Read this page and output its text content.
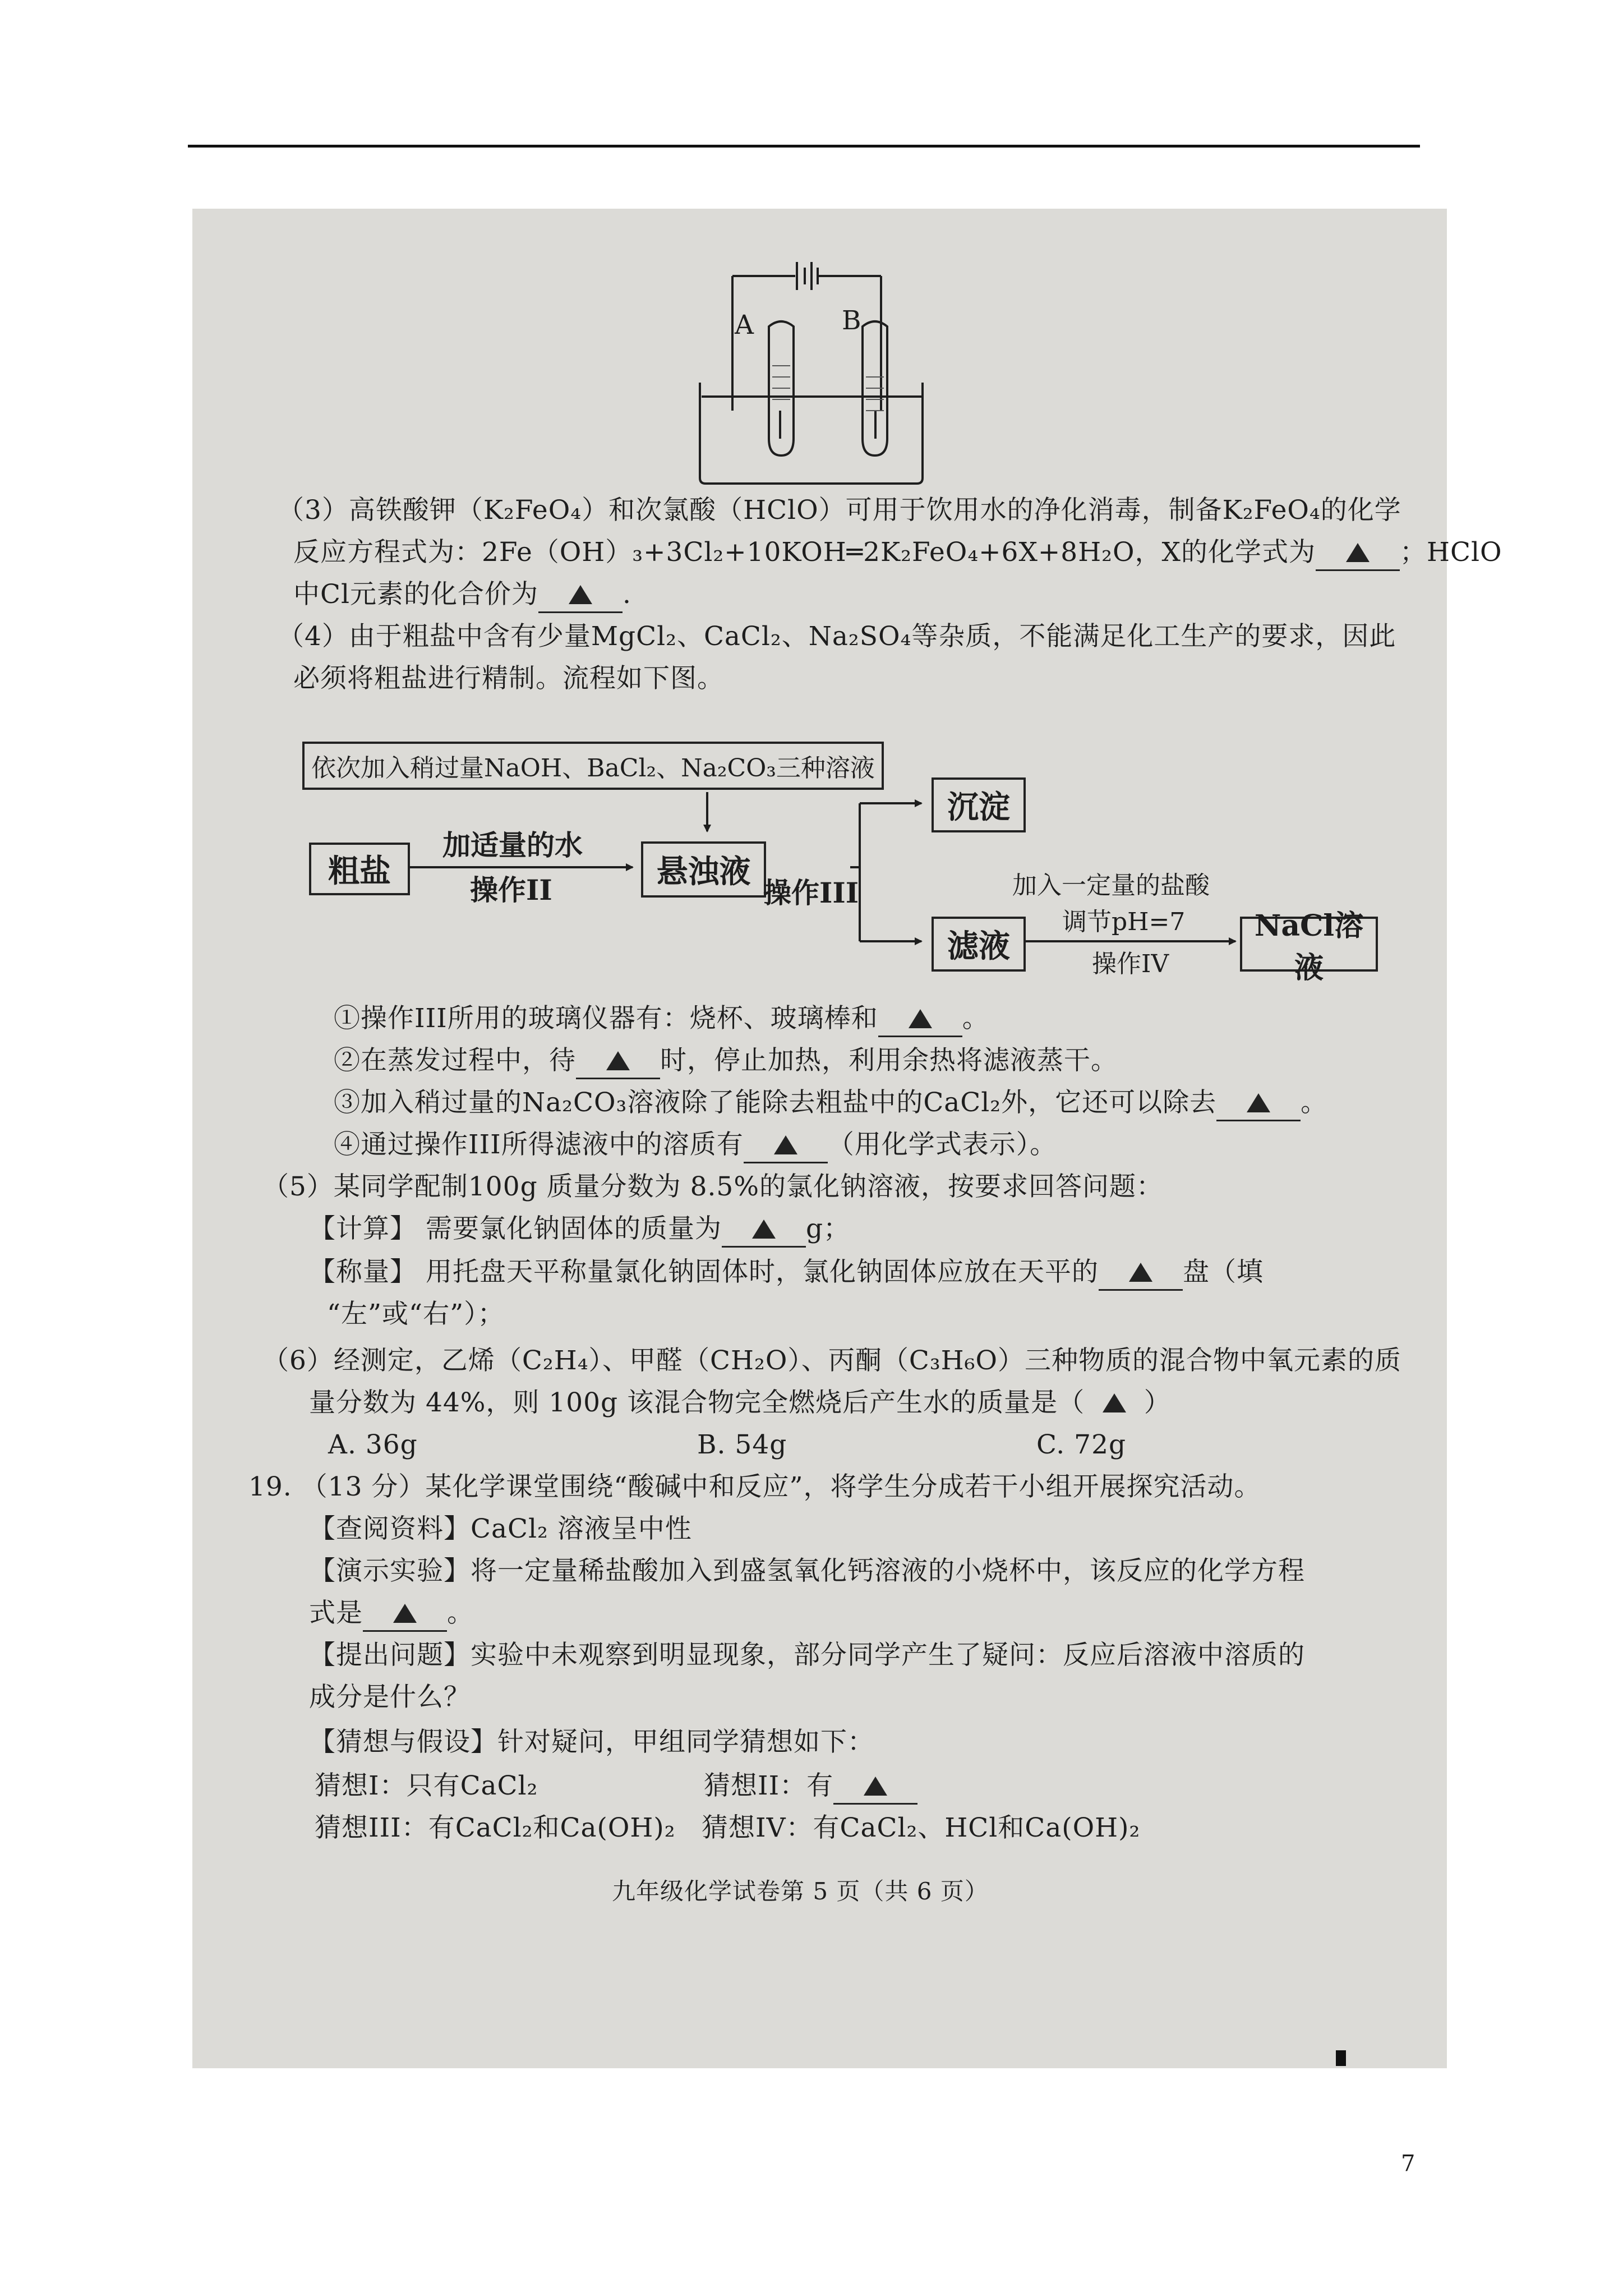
A	B
（3）高铁酸钾（K₂FeO₄）和次氯酸（HClO）可用于饮用水的净化消毒，制备K₂FeO₄的化学
反应方程式为：2Fe（OH）₃+3Cl₂+10KOH═2K₂FeO₄+6X+8H₂O，X的化学式为	；HClO
中Cl元素的化合价为	.
（4）由于粗盐中含有少量MgCl₂、CaCl₂、Na₂SO₄等杂质，不能满足化工生产的要求，因此
必须将粗盐进行精制。流程如下图。
依次加入稍过量NaOH、BaCl₂、Na₂CO₃三种溶液
粗盐
加适量的水
操作II	悬浊液
操作III
沉淀
滤液
加入一定量的盐酸
调节pH=7
操作IV
NaCl溶液
①操作III所用的玻璃仪器有：烧杯、玻璃棒和	。
②在蒸发过程中，待	时，停止加热，利用余热将滤液蒸干。
③加入稍过量的Na₂CO₃溶液除了能除去粗盐中的CaCl₂外，它还可以除去	。
④通过操作III所得滤液中的溶质有	（用化学式表示）。
（5）某同学配制100g 质量分数为 8.5%的氯化钠溶液，按要求回答问题：
【计算】 需要氯化钠固体的质量为	g；
【称量】 用托盘天平称量氯化钠固体时，氯化钠固体应放在天平的	盘（填
“左”或“右”）；
（6）经测定，乙烯（C₂H₄）、甲醛（CH₂O）、丙酮（C₃H₆O）三种物质的混合物中氧元素的质
量分数为 44%，则 100g 该混合物完全燃烧后产生水的质量是（ ）
A. 36g	B. 54g	C. 72g
19. （13 分）某化学课堂围绕“酸碱中和反应”，将学生分成若干小组开展探究活动。
【查阅资料】CaCl₂ 溶液呈中性
【演示实验】将一定量稀盐酸加入到盛氢氧化钙溶液的小烧杯中，该反应的化学方程
式是	。
【提出问题】实验中未观察到明显现象，部分同学产生了疑问：反应后溶液中溶质的
成分是什么？
【猜想与假设】针对疑问，甲组同学猜想如下：
猜想I：只有CaCl₂	猜想II：有
猜想III：有CaCl₂和Ca(OH)₂ 猜想IV：有CaCl₂、HCl和Ca(OH)₂
九年级化学试卷第 5 页（共 6 页）
7
